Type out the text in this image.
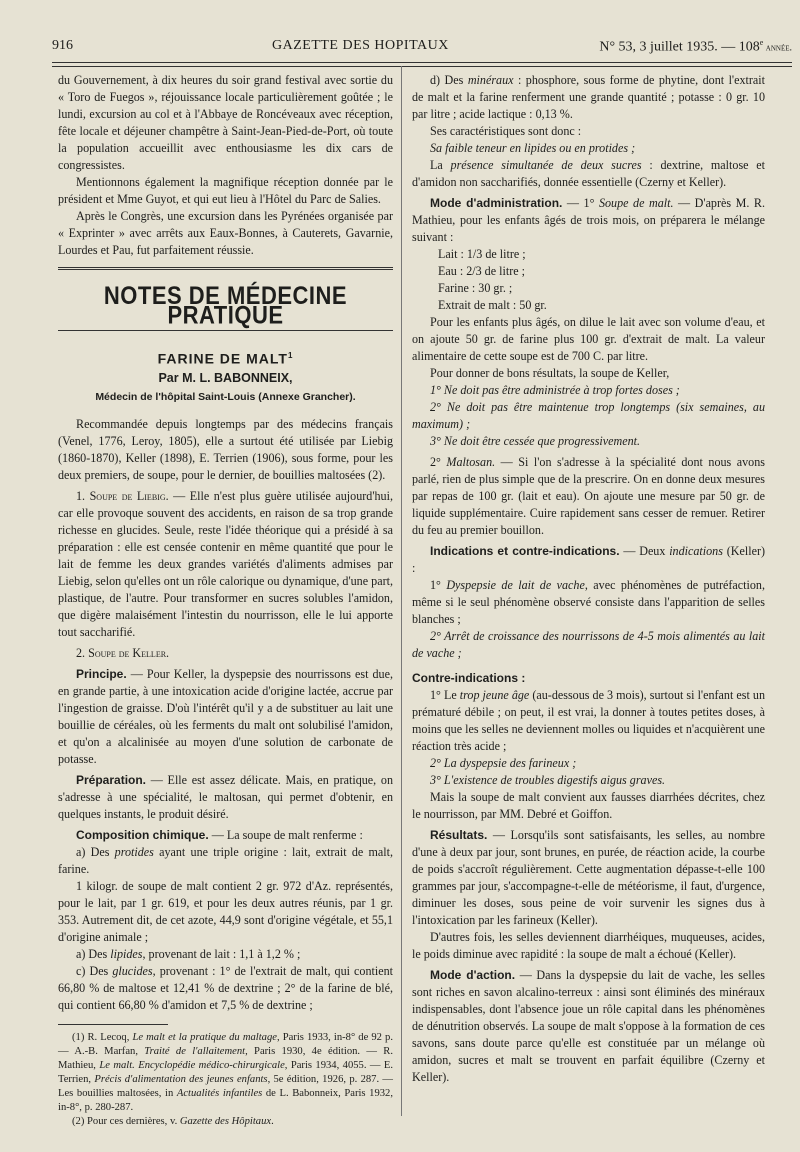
916	GAZETTE DES HOPITAUX	N° 53, 3 juillet 1935. — 108e année.

du Gouvernement, à dix heures du soir grand festival avec sortie du « Toro de Fuegos », réjouissance locale particulièrement goûtée ; le lundi, excursion au col et à l'Abbaye de Roncéveaux avec réception, fête locale et déjeuner champêtre à Saint-Jean-Pied-de-Port, où toute la population accueillit avec enthousiasme les dix cars de congressistes.

Mentionnons également la magnifique réception donnée par le président et Mme Guyot, et qui eut lieu à l'Hôtel du Parc de Salies.

Après le Congrès, une excursion dans les Pyrénées organisée par « Exprinter » avec arrêts aux Eaux-Bonnes, à Cauterets, Gavarnie, Lourdes et Pau, fut parfaitement réussie.

NOTES DE MÉDECINE PRATIQUE
FARINE DE MALT$^1$
Par M. L. BABONNEIX,
Médecin de l'hôpital Saint-Louis (Annexe Grancher).

Recommandée depuis longtemps par des médecins français (Venel, 1776, Leroy, 1805), elle a surtout été utilisée par Liebig (1860-1870), Keller (1898), E. Terrien (1906), sous forme, pour les deux premiers, de soupe, pour le dernier, de bouillies maltosées (2).

1. Soupe de Liebig. — Elle n'est plus guère utilisée aujourd'hui, car elle provoque souvent des accidents, en raison de sa trop grande richesse en glucides. Seule, reste l'idée théorique qui a présidé à sa préparation : elle est censée contenir en même quantité que pour le lait de femme les deux grandes variétés d'aliments admises par Liebig, selon qu'elles ont un rôle calorique ou dynamique, d'une part, plastique, de l'autre. Pour transformer en sucres solubles l'amidon, que digère malaisément l'intestin du nourrisson, elle le lui apporte tout saccharifié.

2. Soupe de Keller.

Principe. — Pour Keller, la dyspepsie des nourrissons est due, en grande partie, à une intoxication acide d'origine lactée, accrue par l'ingestion de graisse. D'où l'intérêt qu'il y a de substituer au lait une bouillie de céréales, où les ferments du malt ont solubilisé l'amidon, et qu'on a alcalinisée au moyen d'une solution de carbonate de potasse.

Préparation. — Elle est assez délicate. Mais, en pratique, on s'adresse à une spécialité, le maltosan, qui permet d'obtenir, en quelques instants, le produit désiré.

Composition chimique. — La soupe de malt renferme :

a) Des protides ayant une triple origine : lait, extrait de malt, farine.

1 kilogr. de soupe de malt contient 2 gr. 972 d'Az. représentés, pour le lait, par 1 gr. 619, et pour les deux autres réunis, par 1 gr. 353. Autrement dit, de cet azote, 44,9 sont d'origine végétale, et 55,1 d'origine animale ;

a) Des lipides, provenant de lait : 1,1 à 1,2 % ;

c) Des glucides, provenant : 1° de l'extrait de malt, qui contient 66,80 % de maltose et 12,41 % de dextrine ; 2° de la farine de blé, qui contient 66,80 % d'amidon et 7,5 % de dextrine ;

(1) R. Lecoq, Le malt et la pratique du maltage, Paris 1933, in-8° de 92 p. — A.-B. Marfan, Traité de l'allaitement, Paris 1930, 4e édition. — R. Mathieu, Le malt. Encyclopédie médico-chirurgicale, Paris 1934, 4055. — E. Terrien, Précis d'alimentation des jeunes enfants, 5e édition, 1926, p. 287. — Les bouillies maltosées, in Actualités infantiles de L. Babonneix, Paris 1932, in-8°, p. 280-287.

(2) Pour ces dernières, v. Gazette des Hôpitaux.

d) Des minéraux : phosphore, sous forme de phytine, dont l'extrait de malt et la farine renferment une grande quantité ; potasse : 0 gr. 10 par litre ; acide lactique : 0,13 %.

Ses caractéristiques sont donc :

Sa faible teneur en lipides ou en protides ;

La présence simultanée de deux sucres : dextrine, maltose et d'amidon non saccharifiés, donnée essentielle (Czerny et Keller).

Mode d'administration. — 1° Soupe de malt. — D'après M. R. Mathieu, pour les enfants âgés de trois mois, on préparera le mélange suivant :

Lait : 1/3 de litre ;

Eau : 2/3 de litre ;

Farine : 30 gr. ;

Extrait de malt : 50 gr.

Pour les enfants plus âgés, on dilue le lait avec son volume d'eau, et on ajoute 50 gr. de farine plus 100 gr. d'extrait de malt. La valeur alimentaire de cette soupe est de 700 C. par litre.

Pour donner de bons résultats, la soupe de Keller,

1° Ne doit pas être administrée à trop fortes doses ;

2° Ne doit pas être maintenue trop longtemps (six semaines, au maximum) ;

3° Ne doit être cessée que progressivement.

2° Maltosan. — Si l'on s'adresse à la spécialité dont nous avons parlé, rien de plus simple que de la prescrire. On en donne deux mesures par repas de 100 gr. (lait et eau). On ajoute une mesure par 50 gr. de liquide supplémentaire. Cuire rapidement sans cesser de remuer. Retirer du feu au premier bouillon.

Indications et contre-indications. — Deux indications (Keller) :

1° Dyspepsie de lait de vache, avec phénomènes de putréfaction, même si le seul phénomène observé consiste dans l'apparition de selles blanches ;

2° Arrêt de croissance des nourrissons de 4-5 mois alimentés au lait de vache ;

Contre-indications :

1° Le trop jeune âge (au-dessous de 3 mois), surtout si l'enfant est un prématuré débile ; on peut, il est vrai, la donner à toutes petites doses, à moins que les selles ne deviennent molles ou liquides et n'acquièrent une réaction très acide ;

2° La dyspepsie des farineux ;

3° L'existence de troubles digestifs aigus graves.

Mais la soupe de malt convient aux fausses diarrhées décrites, chez le nourrisson, par MM. Debré et Goiffon.

Résultats. — Lorsqu'ils sont satisfaisants, les selles, au nombre d'une à deux par jour, sont brunes, en purée, de réaction acide, la courbe de poids s'accroît régulièrement. Cette augmentation dépasse-t-elle 100 grammes par jour, s'accompagne-t-elle de météorisme, il faut, d'urgence, diminuer les doses, sous peine de voir survenir les signes dus à l'intoxication par les farineux (Keller).

D'autres fois, les selles deviennent diarrhéiques, muqueuses, acides, le poids diminue avec rapidité : la soupe de malt a échoué (Keller).

Mode d'action. — Dans la dyspepsie du lait de vache, les selles sont riches en savon alcalino-terreux : ainsi sont éliminés des minéraux indispensables, dont l'absence joue un rôle capital dans les phénomènes de dénutrition observés. La soupe de malt s'oppose à la formation de ces savons, sans doute parce qu'elle est constituée par un mélange où amidon, sucres et malt se trouvent en parfait équilibre (Czerny et Keller).
